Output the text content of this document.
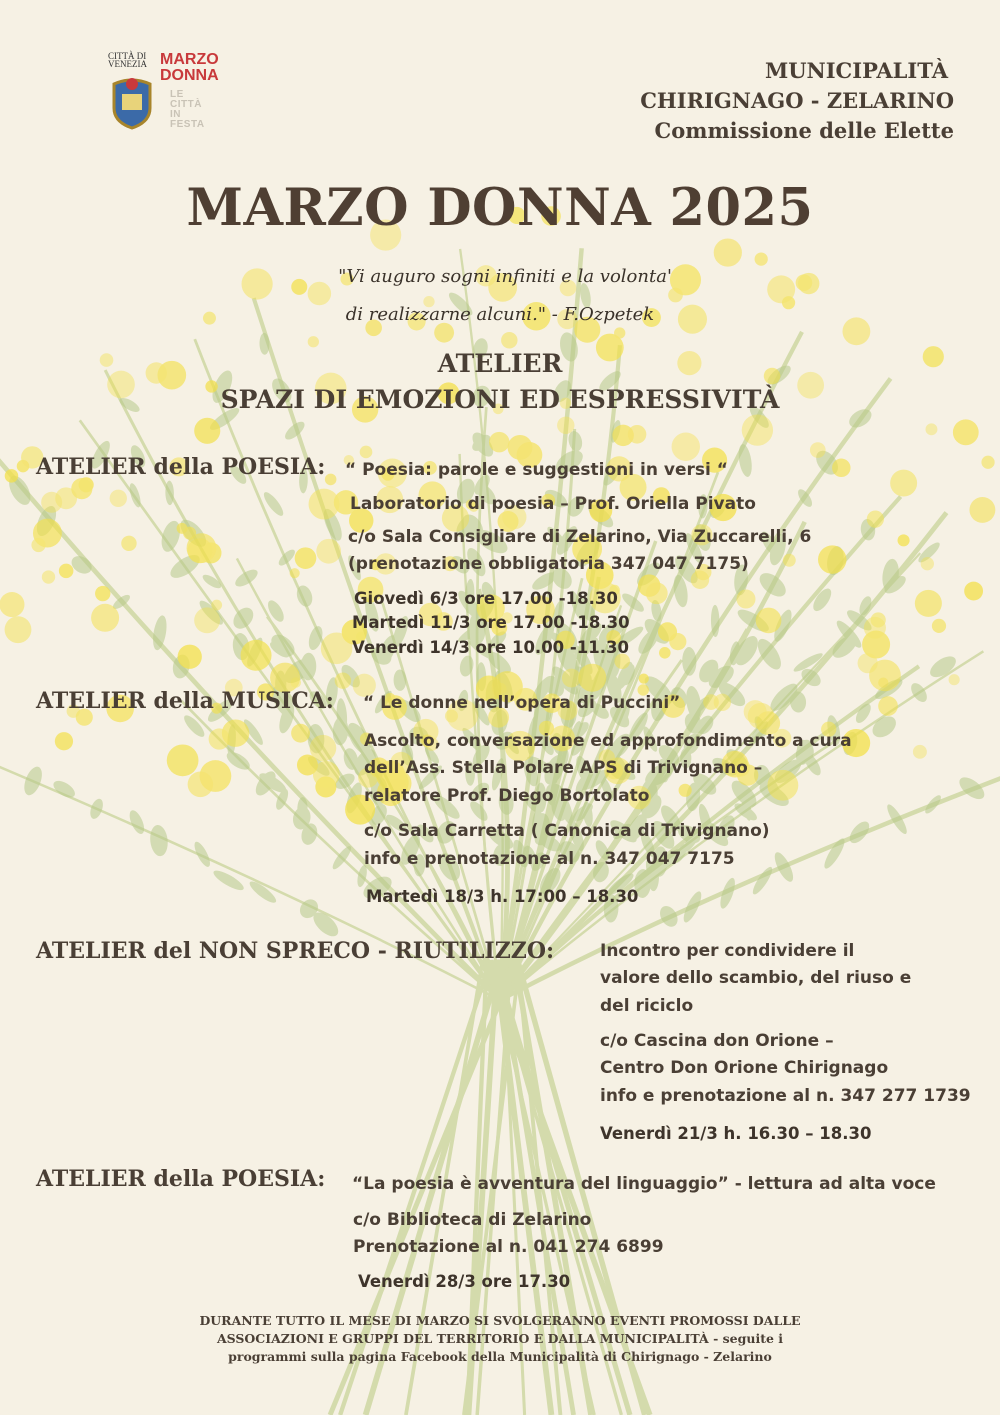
CITTÀ DI
VENEZIA MARZO
DONNA
LE
CITTÀ
IN
FESTA
MUNICIPALITÀ
CHIRIGNAGO - ZELARINO
Commissione delle Elette
MARZO DONNA 2025
"Vi auguro sogni infiniti e la volonta'
di realizzarne alcuni." - F.Ozpetek
ATELIER
SPAZI DI EMOZIONI ED ESPRESSIVITÀ
ATELIER della POESIA: “ Poesia: parole e suggestioni in versi “
Laboratorio di poesia – Prof. Oriella Pivato
c/o Sala Consigliare di Zelarino, Via Zuccarelli, 6
(prenotazione obbligatoria 347 047 7175)
Giovedì 6/3 ore 17.00 -18.30
Martedì 11/3 ore 17.00 -18.30
Venerdì 14/3 ore 10.00 -11.30
ATELIER della MUSICA: “ Le donne nell’opera di Puccini”
Ascolto, conversazione ed approfondimento a cura
dell’Ass. Stella Polare APS di Trivignano –
relatore Prof. Diego Bortolato
c/o Sala Carretta ( Canonica di Trivignano)
info e prenotazione al n. 347 047 7175
Martedì 18/3 h. 17:00 – 18.30
ATELIER del NON SPRECO - RIUTILIZZO:	Incontro per condividere il
valore dello scambio, del riuso e
del riciclo
c/o Cascina don Orione –
Centro Don Orione Chirignago
info e prenotazione al n. 347 277 1739
Venerdì 21/3 h. 16.30 – 18.30
ATELIER della POESIA: “La poesia è avventura del linguaggio” - lettura ad alta voce
c/o Biblioteca di Zelarino
Prenotazione al n. 041 274 6899
Venerdì 28/3 ore 17.30
DURANTE TUTTO IL MESE DI MARZO SI SVOLGERANNO EVENTI PROMOSSI DALLE
ASSOCIAZIONI E GRUPPI DEL TERRITORIO E DALLA MUNICIPALITÀ - seguite i
programmi sulla pagina Facebook della Municipalità di Chirignago - Zelarino
